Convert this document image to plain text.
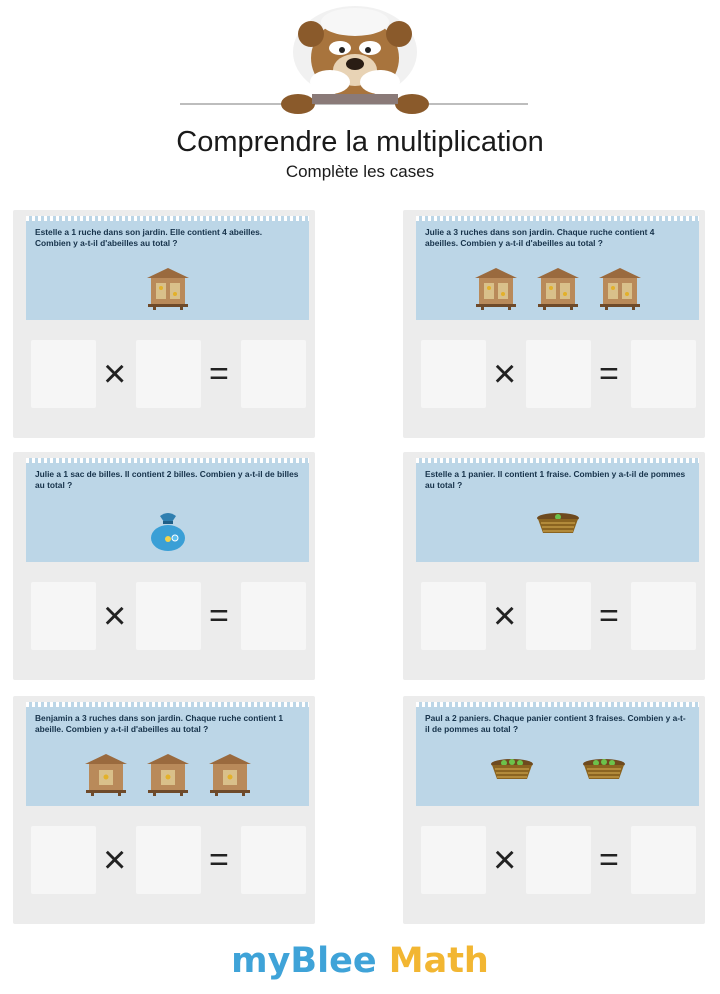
Comprendre la multiplication
Complète les cases
Estelle a 1 ruche dans son jardin. Elle contient 4 abeilles. Combien y a-t-il d'abeilles au total ?
× =
Julie a 3 ruches dans son jardin. Chaque ruche contient 4 abeilles. Combien y a-t-il d'abeilles au total ?
× =
Julie a 1 sac de billes. Il contient 2 billes. Combien y a-t-il de billes au total ?
× =
Estelle a 1 panier. Il contient 1 fraise. Combien y a-t-il de pommes au total ?
× =
Benjamin a 3 ruches dans son jardin. Chaque ruche contient 1 abeille. Combien y a-t-il d'abeilles au total ?
× =
Paul a 2 paniers. Chaque panier contient 3 fraises. Combien y a-t-il de pommes au total ?
× =
myBlee Math
